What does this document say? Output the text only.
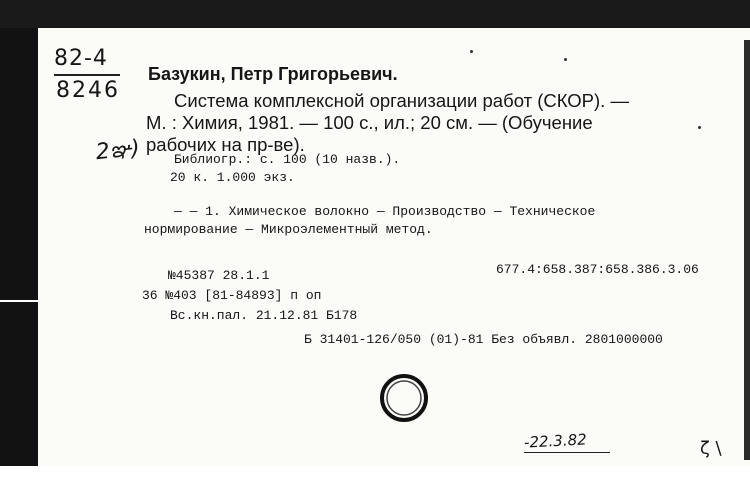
82-4
8246
2ఞ)
Базукин, Петр Григорьевич.
Система комплексной организации работ (СКОР). —
М. : Химия, 1981. — 100 с., ил.; 20 см. — (Обучение
рабочих на пр-ве).
Библиогр.: с. 100 (10 назв.).
20 к. 1.000 экз.
— — 1. Химическое волокно — Производство — Техническое
нормирование — Микроэлементный метод.
677.4:658.387:658.386.3.06
№45387 28.1.1
36 №403 [81-84893] п оп
Вс.кн.пал. 21.12.81 Б178
Б 31401-126/050 (01)-81 Без объявл. 2801000000
-22.3.82	ζ \
